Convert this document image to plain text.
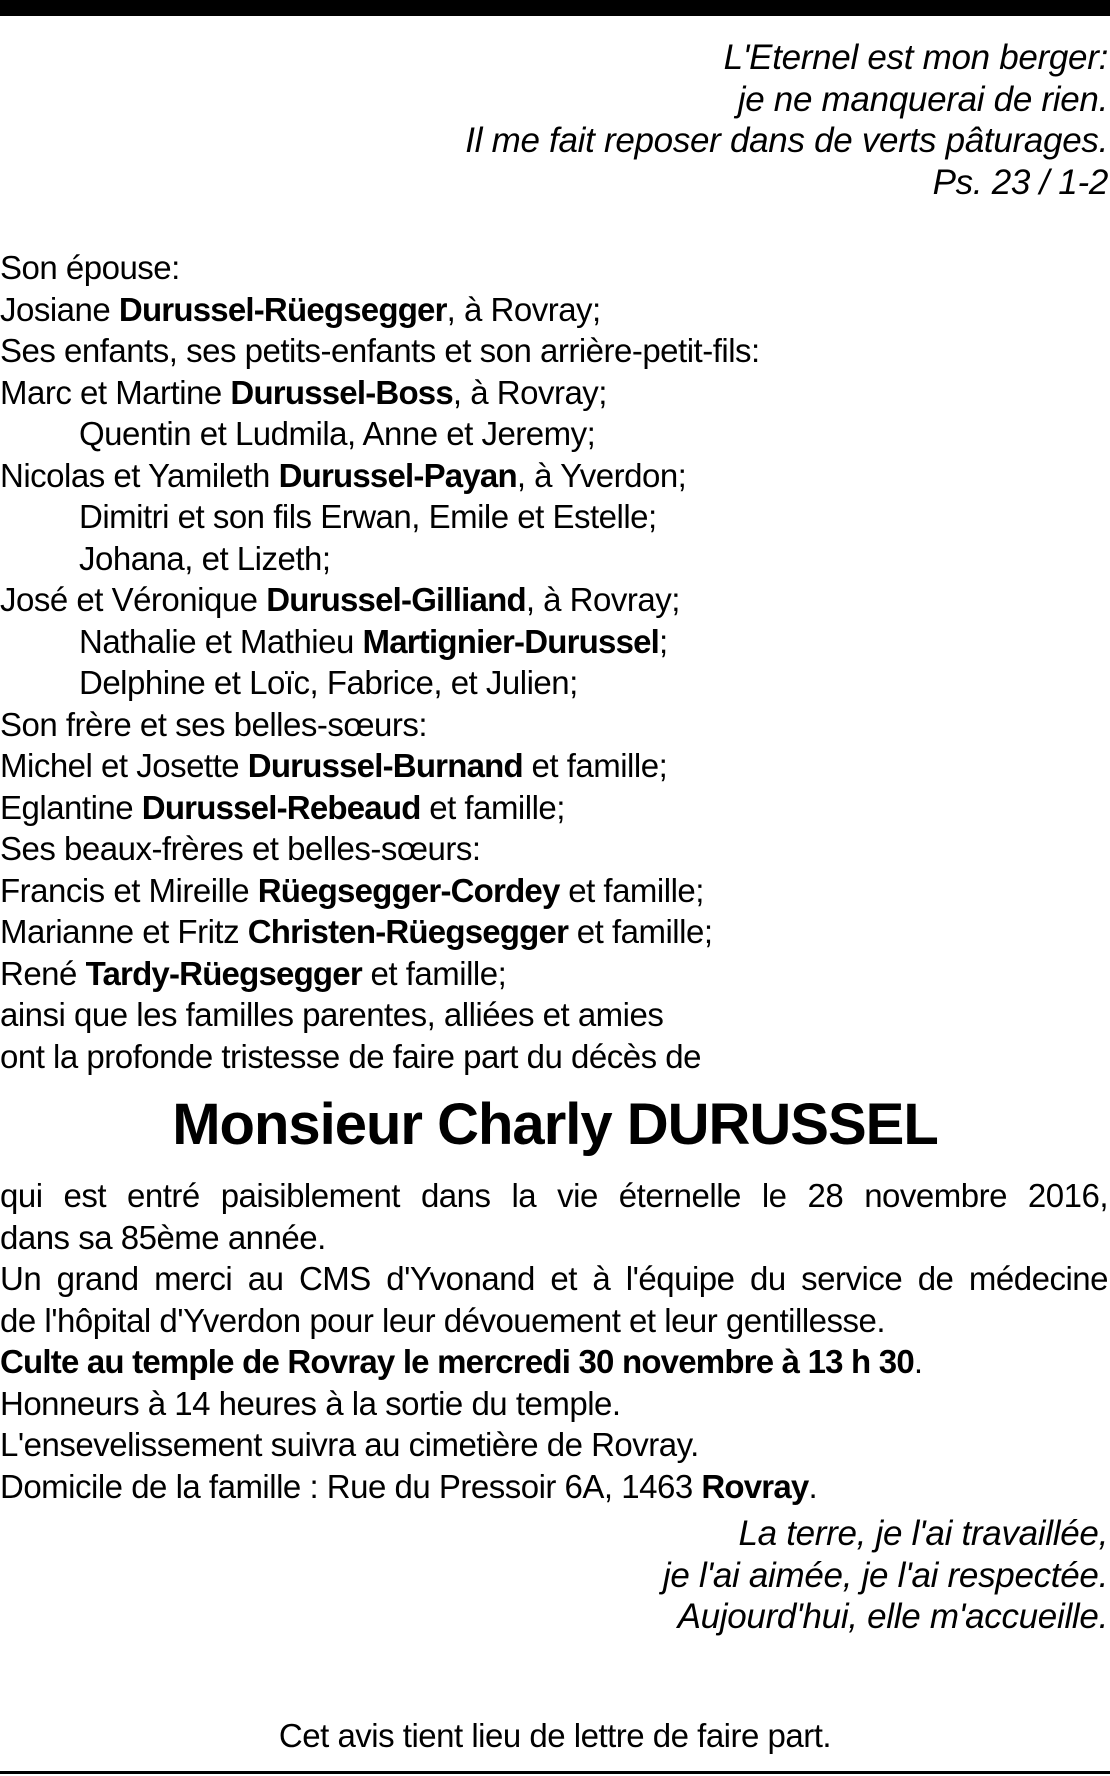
L'Eternel est mon berger:
je ne manquerai de rien.
Il me fait reposer dans de verts pâturages.
Ps. 23 / 1-2
Son épouse:
Josiane Durussel-Rüegsegger, à Rovray;
Ses enfants, ses petits-enfants et son arrière-petit-fils:
Marc et Martine Durussel-Boss, à Rovray;
Quentin et Ludmila, Anne et Jeremy;
Nicolas et Yamileth Durussel-Payan, à Yverdon;
Dimitri et son fils Erwan, Emile et Estelle;
Johana, et Lizeth;
José et Véronique Durussel-Gilliand, à Rovray;
Nathalie et Mathieu Martignier-Durussel;
Delphine et Loïc, Fabrice, et Julien;
Son frère et ses belles-sœurs:
Michel et Josette Durussel-Burnand et famille;
Eglantine Durussel-Rebeaud et famille;
Ses beaux-frères et belles-sœurs:
Francis et Mireille Rüegsegger-Cordey et famille;
Marianne et Fritz Christen-Rüegsegger et famille;
René Tardy-Rüegsegger et famille;
ainsi que les familles parentes, alliées et amies
ont la profonde tristesse de faire part du décès de
Monsieur Charly DURUSSEL
qui est entré paisiblement dans la vie éternelle le 28 novembre 2016,
dans sa 85ème année.
Un grand merci au CMS d'Yvonand et à l'équipe du service de médecine
de l'hôpital d'Yverdon pour leur dévouement et leur gentillesse.
Culte au temple de Rovray le mercredi 30 novembre à 13 h 30.
Honneurs à 14 heures à la sortie du temple.
L'ensevelissement suivra au cimetière de Rovray.
Domicile de la famille : Rue du Pressoir 6A, 1463 Rovray.
La terre, je l'ai travaillée,
je l'ai aimée, je l'ai respectée.
Aujourd'hui, elle m'accueille.
Cet avis tient lieu de lettre de faire part.
